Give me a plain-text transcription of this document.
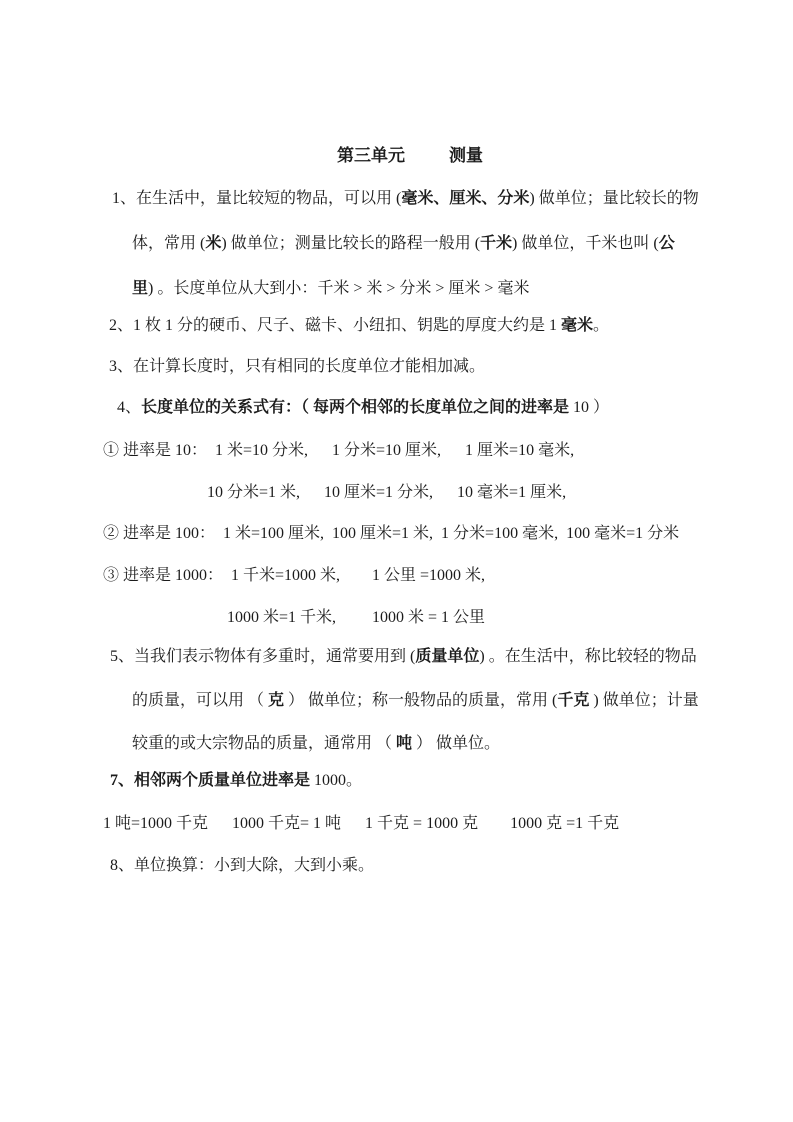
第三单元	测量
1、在生活中，量比较短的物品，可以用 (毫米、厘米、分米) 做单位；量比较长的物
体，常用 (米) 做单位；测量比较长的路程一般用 (千米) 做单位，千米也叫 (公
里) 。长度单位从大到小：千米 > 米 > 分米 > 厘米 > 毫米
2、1 枚 1 分的硬币、尺子、磁卡、小纽扣、钥匙的厚度大约是 1 毫米。
3、在计算长度时，只有相同的长度单位才能相加减。
4、长度单位的关系式有：（ 每两个相邻的长度单位之间的进率是 10 ）
① 进率是 10：  1 米=10 分米,      1 分米=10 厘米,      1 厘米=10 毫米,
10 分米=1 米,      10 厘米=1 分米,      10 毫米=1 厘米,
② 进率是 100：  1 米=100 厘米,  100 厘米=1 米,  1 分米=100 毫米,  100 毫米=1 分米
③ 进率是 1000：  1 千米=1000 米,        1 公里 =1000 米,
1000 米=1 千米,         1000 米 = 1 公里
5、当我们表示物体有多重时，通常要用到 (质量单位) 。在生活中，称比较轻的物品
的质量，可以用 （ 克 ） 做单位；称一般物品的质量，常用 (千克 ) 做单位；计量
较重的或大宗物品的质量，通常用 （ 吨 ） 做单位。
7、相邻两个质量单位进率是 1000。
1 吨=1000 千克      1000 千克= 1 吨      1 千克 = 1000 克        1000 克 =1 千克
8、单位换算：小到大除，大到小乘。
